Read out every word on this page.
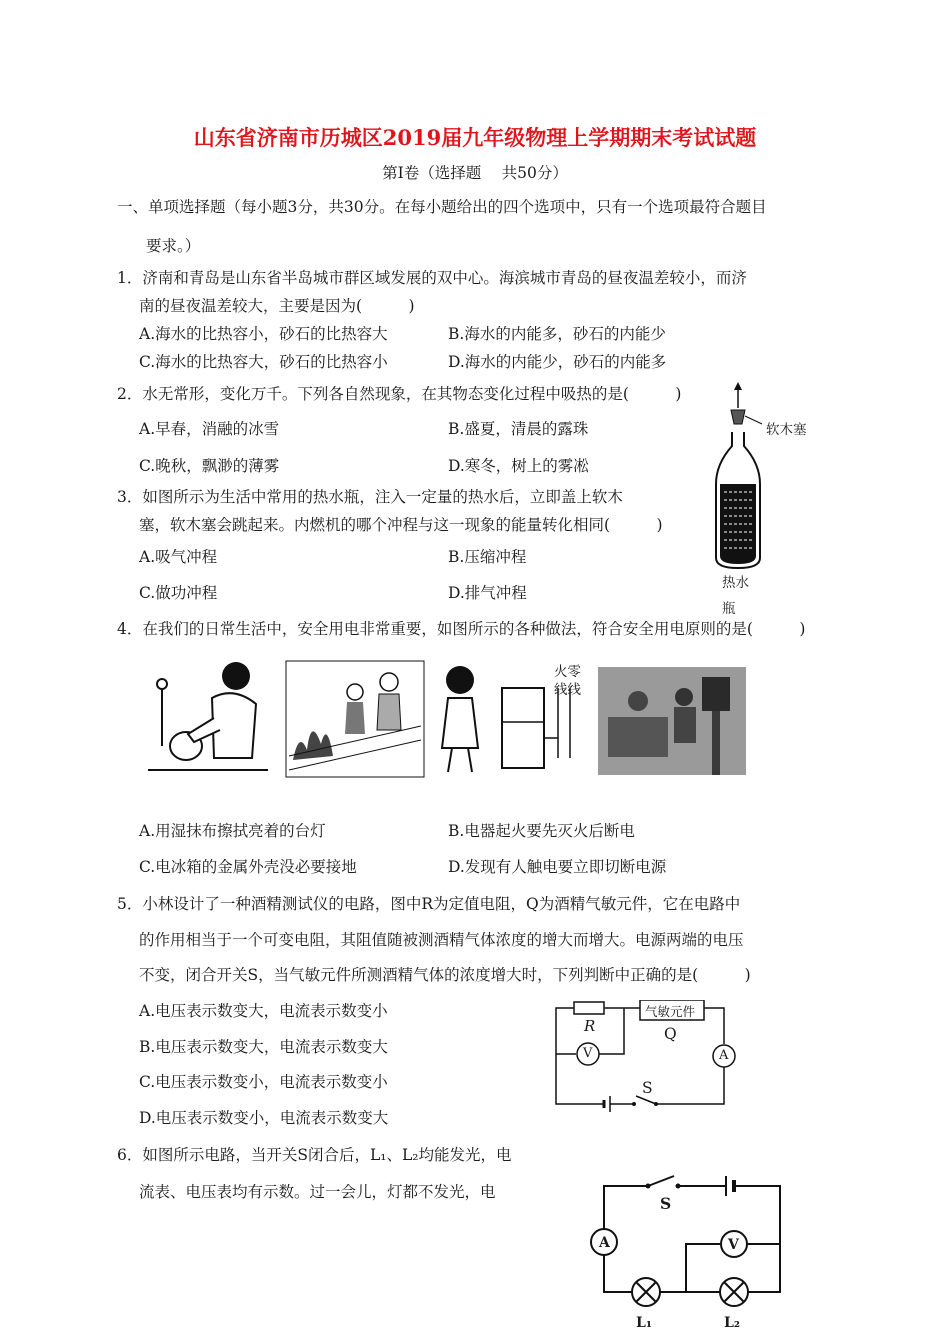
山东省济南市历城区2019届九年级物理上学期期末考试试题
第Ⅰ卷（选择题　 共50分）
一、单项选择题（每小题3分，共30分。在每小题给出的四个选项中，只有一个选项最符合题目
要求。）
1．济南和青岛是山东省半岛城市群区域发展的双中心。海滨城市青岛的昼夜温差较小，而济
南的昼夜温差较大，主要是因为(　　　)
A.海水的比热容小，砂石的比热容大	B.海水的内能多，砂石的内能少
C.海水的比热容大，砂石的比热容小	D.海水的内能少，砂石的内能多
2．水无常形，变化万千。下列各自然现象，在其物态变化过程中吸热的是(　　　)
A.早春，消融的冰雪	B.盛夏，清晨的露珠
C.晚秋，飘渺的薄雾	D.寒冬，树上的雾凇
3．如图所示为生活中常用的热水瓶，注入一定量的热水后，立即盖上软木
塞，软木塞会跳起来。内燃机的哪个冲程与这一现象的能量转化相同(　　　)
A.吸气冲程	B.压缩冲程
C.做功冲程	D.排气冲程
软木塞
热水
瓶
4．在我们的日常生活中，安全用电非常重要，如图所示的各种做法，符合安全用电原则的是(　　　)
火零
线线
A.用湿抹布擦拭亮着的台灯	B.电器起火要先灭火后断电
C.电冰箱的金属外壳没必要接地	D.发现有人触电要立即切断电源
5．小林设计了一种酒精测试仪的电路，图中R为定值电阻，Q为酒精气敏元件，它在电路中
的作用相当于一个可变电阻，其阻值随被测酒精气体浓度的增大而增大。电源两端的电压
不变，闭合开关S，当气敏元件所测酒精气体的浓度增大时，下列判断中正确的是(　　　)
A.电压表示数变大，电流表示数变小
B.电压表示数变大，电流表示数变大
C.电压表示数变小，电流表示数变小
D.电压表示数变小，电流表示数变大
R
气敏元件
Q
V	A
S
6．如图所示电路，当开关S闭合后，L₁、L₂均能发光，电
流表、电压表均有示数。过一会儿，灯都不发光，电
S
A	V
L₁	L₂
